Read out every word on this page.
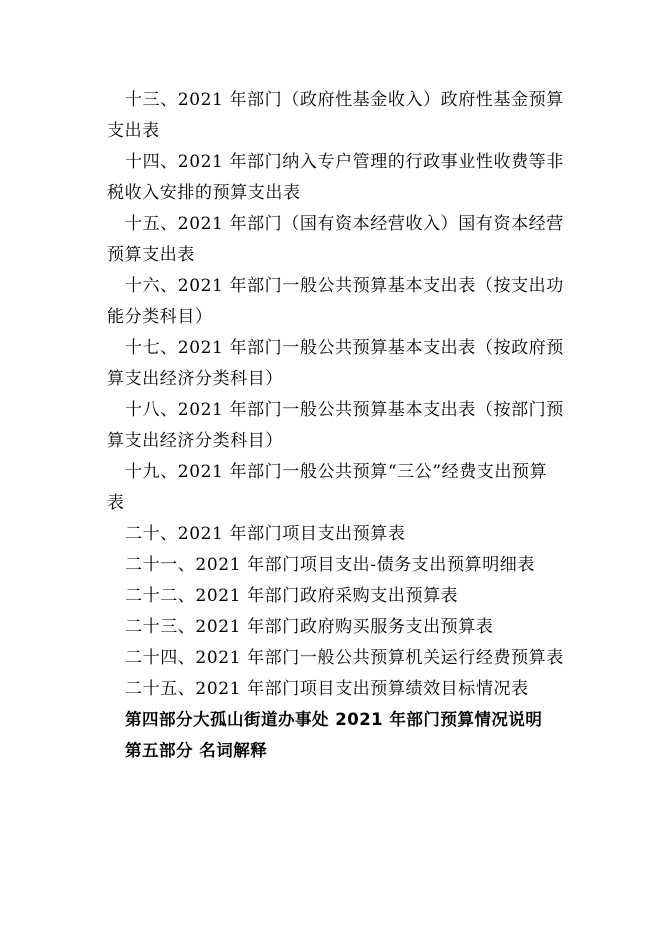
十三、2021 年部门（政府性基金收入）政府性基金预算
支出表
十四、2021 年部门纳入专户管理的行政事业性收费等非
税收入安排的预算支出表
十五、2021 年部门（国有资本经营收入）国有资本经营
预算支出表
十六、2021 年部门一般公共预算基本支出表（按支出功
能分类科目）
十七、2021 年部门一般公共预算基本支出表（按政府预
算支出经济分类科目）
十八、2021 年部门一般公共预算基本支出表（按部门预
算支出经济分类科目）
十九、2021 年部门一般公共预算“三公”经费支出预算
表
二十、2021 年部门项目支出预算表
二十一、2021 年部门项目支出-债务支出预算明细表
二十二、2021 年部门政府采购支出预算表
二十三、2021 年部门政府购买服务支出预算表
二十四、2021 年部门一般公共预算机关运行经费预算表
二十五、2021 年部门项目支出预算绩效目标情况表
第四部分大孤山街道办事处 2021 年部门预算情况说明
第五部分 名词解释
